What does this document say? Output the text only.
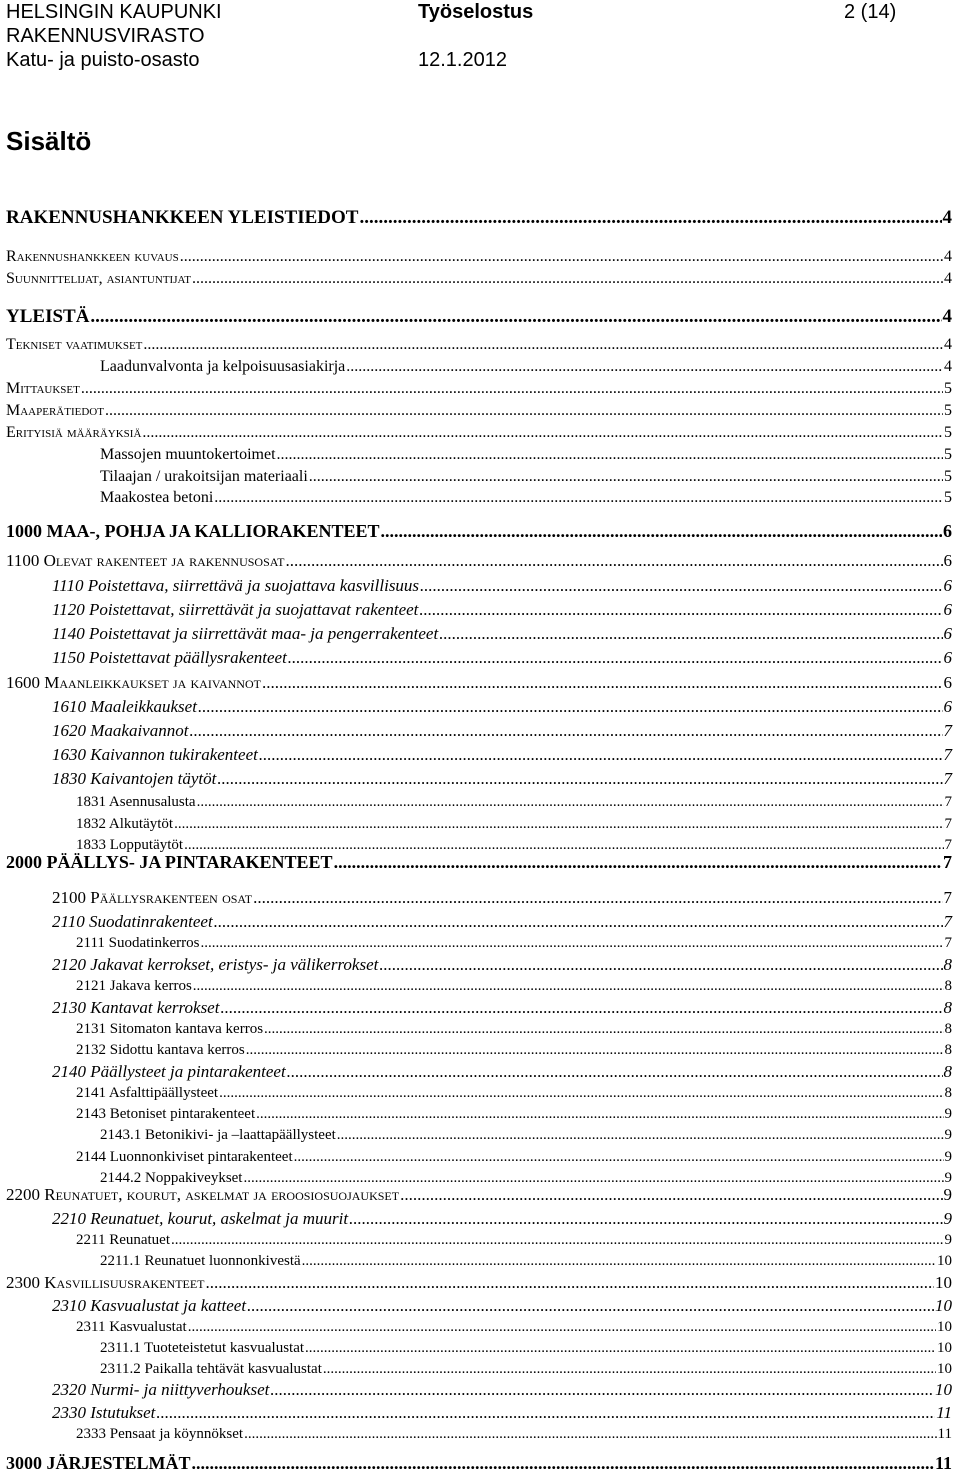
HELSINGIN KAUPUNKI
RAKENNUSVIRASTO
Katu- ja puisto-osasto
Työselostus
12.1.2012
2 (14)
Sisältö
RAKENNUSHANKKEEN YLEISTIEDOT .....	4
Rakennushankkeen kuvaus .....	4
Suunnittelijat, asiantuntijat .....	4
YLEISTÄ .....	4
Tekniset vaatimukset .....	4
Laadunvalvonta ja kelpoisuusasiakirja .....	4
Mittaukset .....	5
Maaperätiedot .....	5
Erityisiä määräyksiä .....	5
Massojen muuntokertoimet .....	5
Tilaajan / urakoitsijan materiaali .....	5
Maakostea betoni .....	5
1000 MAA-, POHJA JA KALLIORAKENTEET .....	6
1100 Olevat rakenteet ja rakennusosat .....	6
1110 Poistettava, siirrettävä ja suojattava kasvillisuus .....	6
1120 Poistettavat, siirrettävät ja suojattavat rakenteet .....	6
1140 Poistettavat ja siirrettävät maa- ja pengerrakenteet .....	6
1150 Poistettavat päällysrakenteet .....	6
1600 Maanleikkaukset ja kaivannot .....	6
1610 Maaleikkaukset .....	6
1620 Maakaivannot .....	7
1630 Kaivannon tukirakenteet .....	7
1830 Kaivantojen täytöt .....	7
1831 Asennusalusta .....	7
1832 Alkutäytöt .....	7
1833 Lopputäytöt .....	7
2000 PÄÄLLYS- JA PINTARAKENTEET .....	7
2100 Päällysrakenteen osat .....	7
2110 Suodatinrakenteet .....	7
2111 Suodatinkerros .....	7
2120 Jakavat kerrokset, eristys- ja välikerrokset .....	8
2121 Jakava kerros .....	8
2130 Kantavat kerrokset .....	8
2131 Sitomaton kantava kerros .....	8
2132 Sidottu kantava kerros .....	8
2140 Päällysteet ja pintarakenteet .....	8
2141 Asfalttipäällysteet .....	8
2143 Betoniset pintarakenteet .....	9
2143.1 Betonikivi- ja –laattapäällysteet .....	9
2144 Luonnonkiviset pintarakenteet .....	9
2144.2 Noppakiveykset .....	9
2200 Reunatuet, kourut, askelmat ja eroosiosuojaukset .....	9
2210 Reunatuet, kourut, askelmat ja muurit .....	9
2211 Reunatuet .....	9
2211.1 Reunatuet luonnonkivestä .....	10
2300 Kasvillisuusrakenteet .....	10
2310 Kasvualustat ja katteet .....	10
2311 Kasvualustat .....	10
2311.1 Tuoteteistetut kasvualustat .....	10
2311.2 Paikalla tehtävät kasvualustat .....	10
2320 Nurmi- ja niittyverhoukset .....	10
2330 Istutukset .....	11
2333 Pensaat ja köynnökset .....	11
3000 JÄRJESTELMÄT .....	11
